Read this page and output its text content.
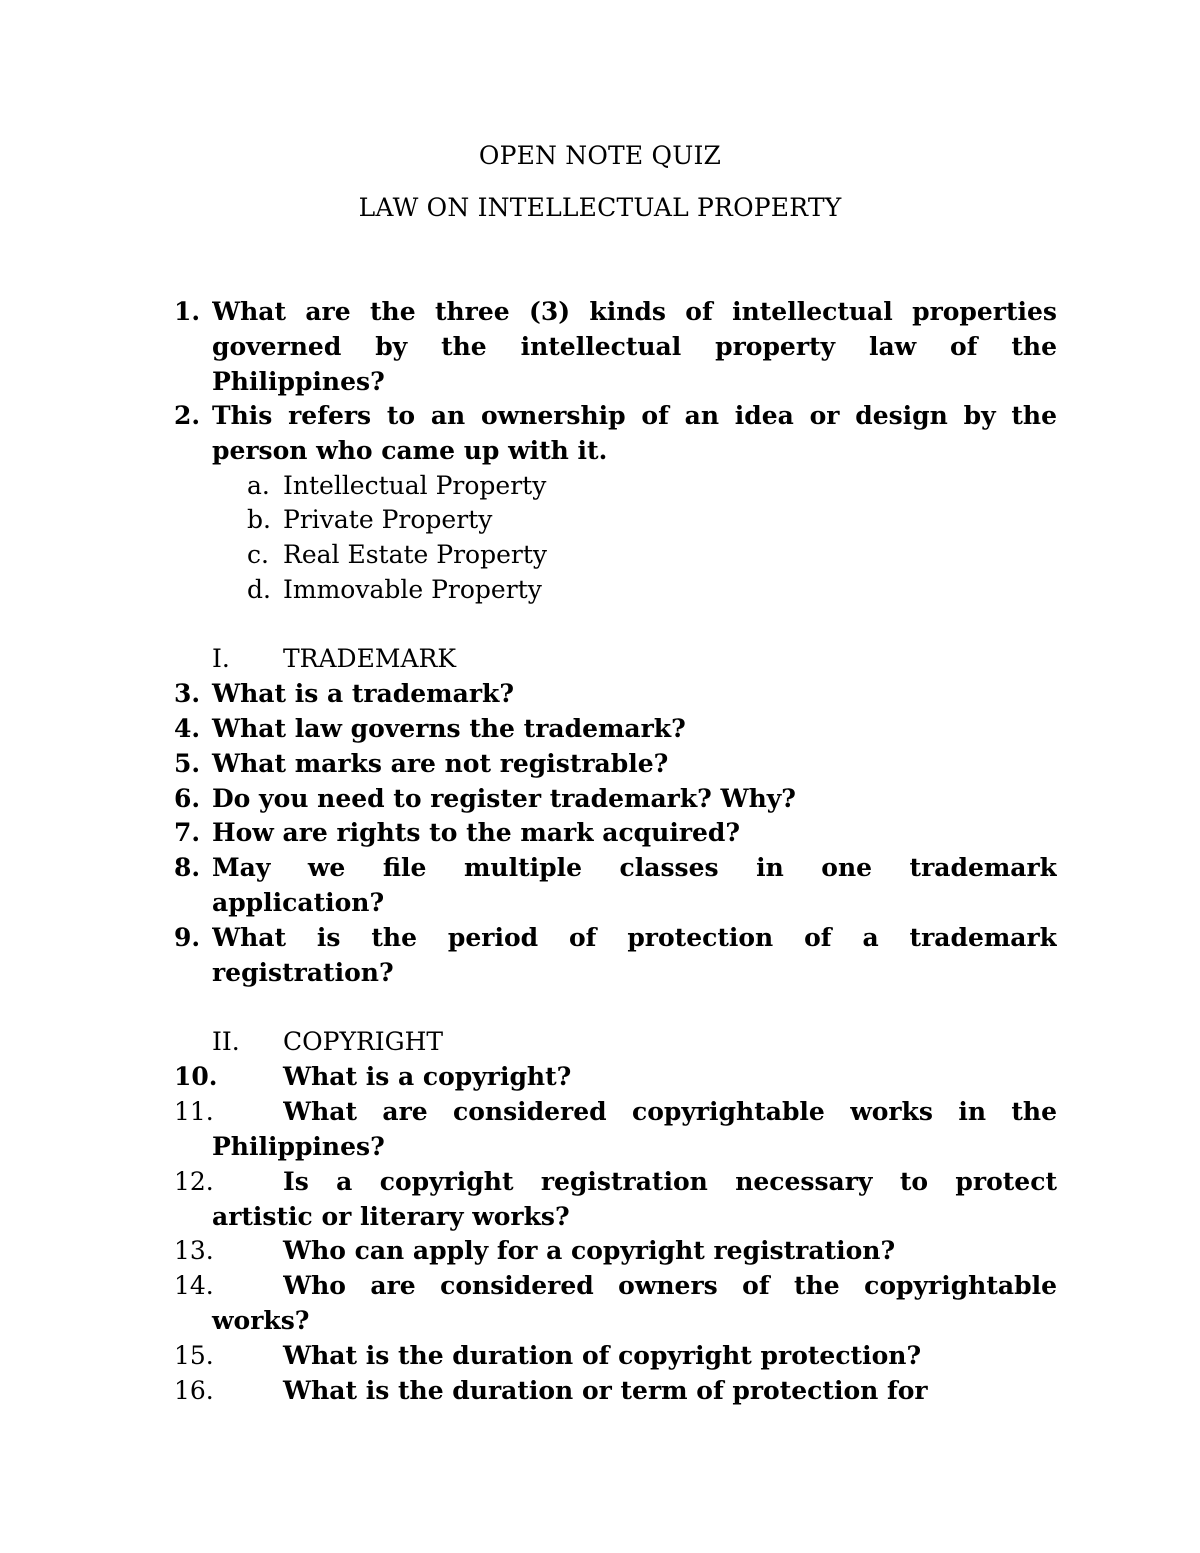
OPEN NOTE QUIZ
LAW ON INTELLECTUAL PROPERTY
1. What are the three (3) kinds of intellectual properties
governed by the intellectual property law of the
Philippines?
2. This refers to an ownership of an idea or design by the
person who came up with it.
a. Intellectual Property
b. Private Property
c. Real Estate Property
d. Immovable Property
I. TRADEMARK
3. What is a trademark?
4. What law governs the trademark?
5. What marks are not registrable?
6. Do you need to register trademark? Why?
7. How are rights to the mark acquired?
8. May we file multiple classes in one trademark
application?
9. What is the period of protection of a trademark
registration?
II. COPYRIGHT
10.	What is a copyright?
11.	What are considered copyrightable works in the
Philippines?
12.	Is a copyright registration necessary to protect
artistic or literary works?
13.	Who can apply for a copyright registration?
14.	Who are considered owners of the copyrightable
works?
15.	What is the duration of copyright protection?
16.	What is the duration or term of protection for
